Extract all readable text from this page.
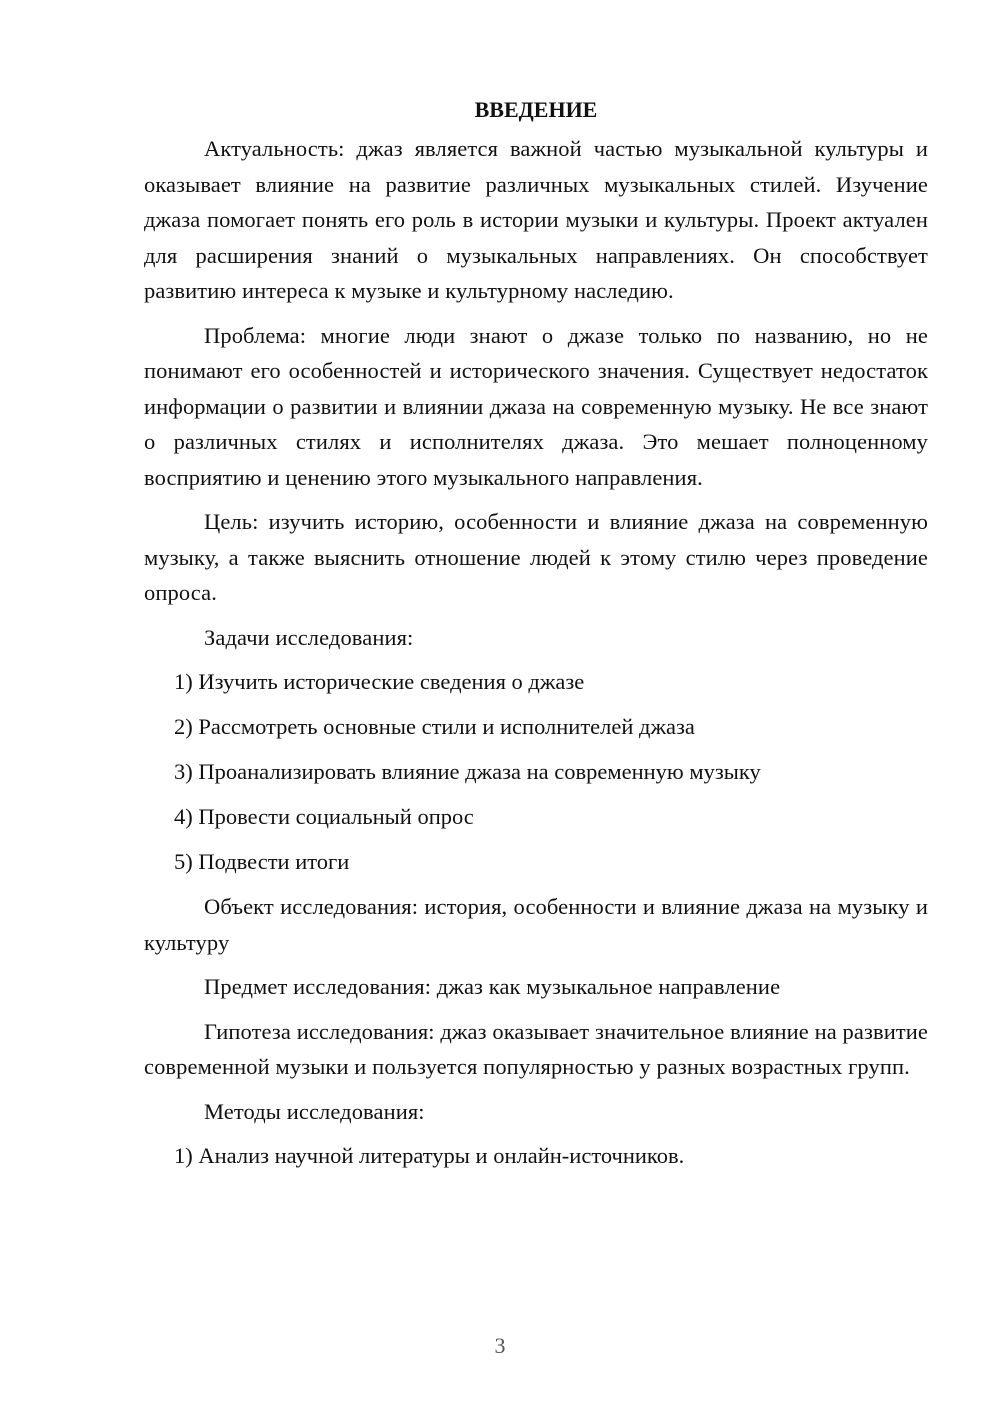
ВВЕДЕНИЕ

Актуальность: джаз является важной частью музыкальной культуры и оказывает влияние на развитие различных музыкальных стилей. Изучение джаза помогает понять его роль в истории музыки и культуры. Проект актуален для расширения знаний о музыкальных направлениях. Он способствует развитию интереса к музыке и культурному наследию.

Проблема: многие люди знают о джазе только по названию, но не понимают его особенностей и исторического значения. Существует недостаток информации о развитии и влиянии джаза на современную музыку. Не все знают о различных стилях и исполнителях джаза. Это мешает полноценному восприятию и ценению этого музыкального направления.

Цель: изучить историю, особенности и влияние джаза на современную музыку, а также выяснить отношение людей к этому стилю через проведение опроса.

Задачи исследования:

1) Изучить исторические сведения о джазе
2) Рассмотреть основные стили и исполнителей джаза
3) Проанализировать влияние джаза на современную музыку
4) Провести социальный опрос
5) Подвести итоги

Объект исследования: история, особенности и влияние джаза на музыку и культуру

Предмет исследования: джаз как музыкальное направление

Гипотеза исследования: джаз оказывает значительное влияние на развитие современной музыки и пользуется популярностью у разных возрастных групп.

Методы исследования:

1) Анализ научной литературы и онлайн-источников.
3
